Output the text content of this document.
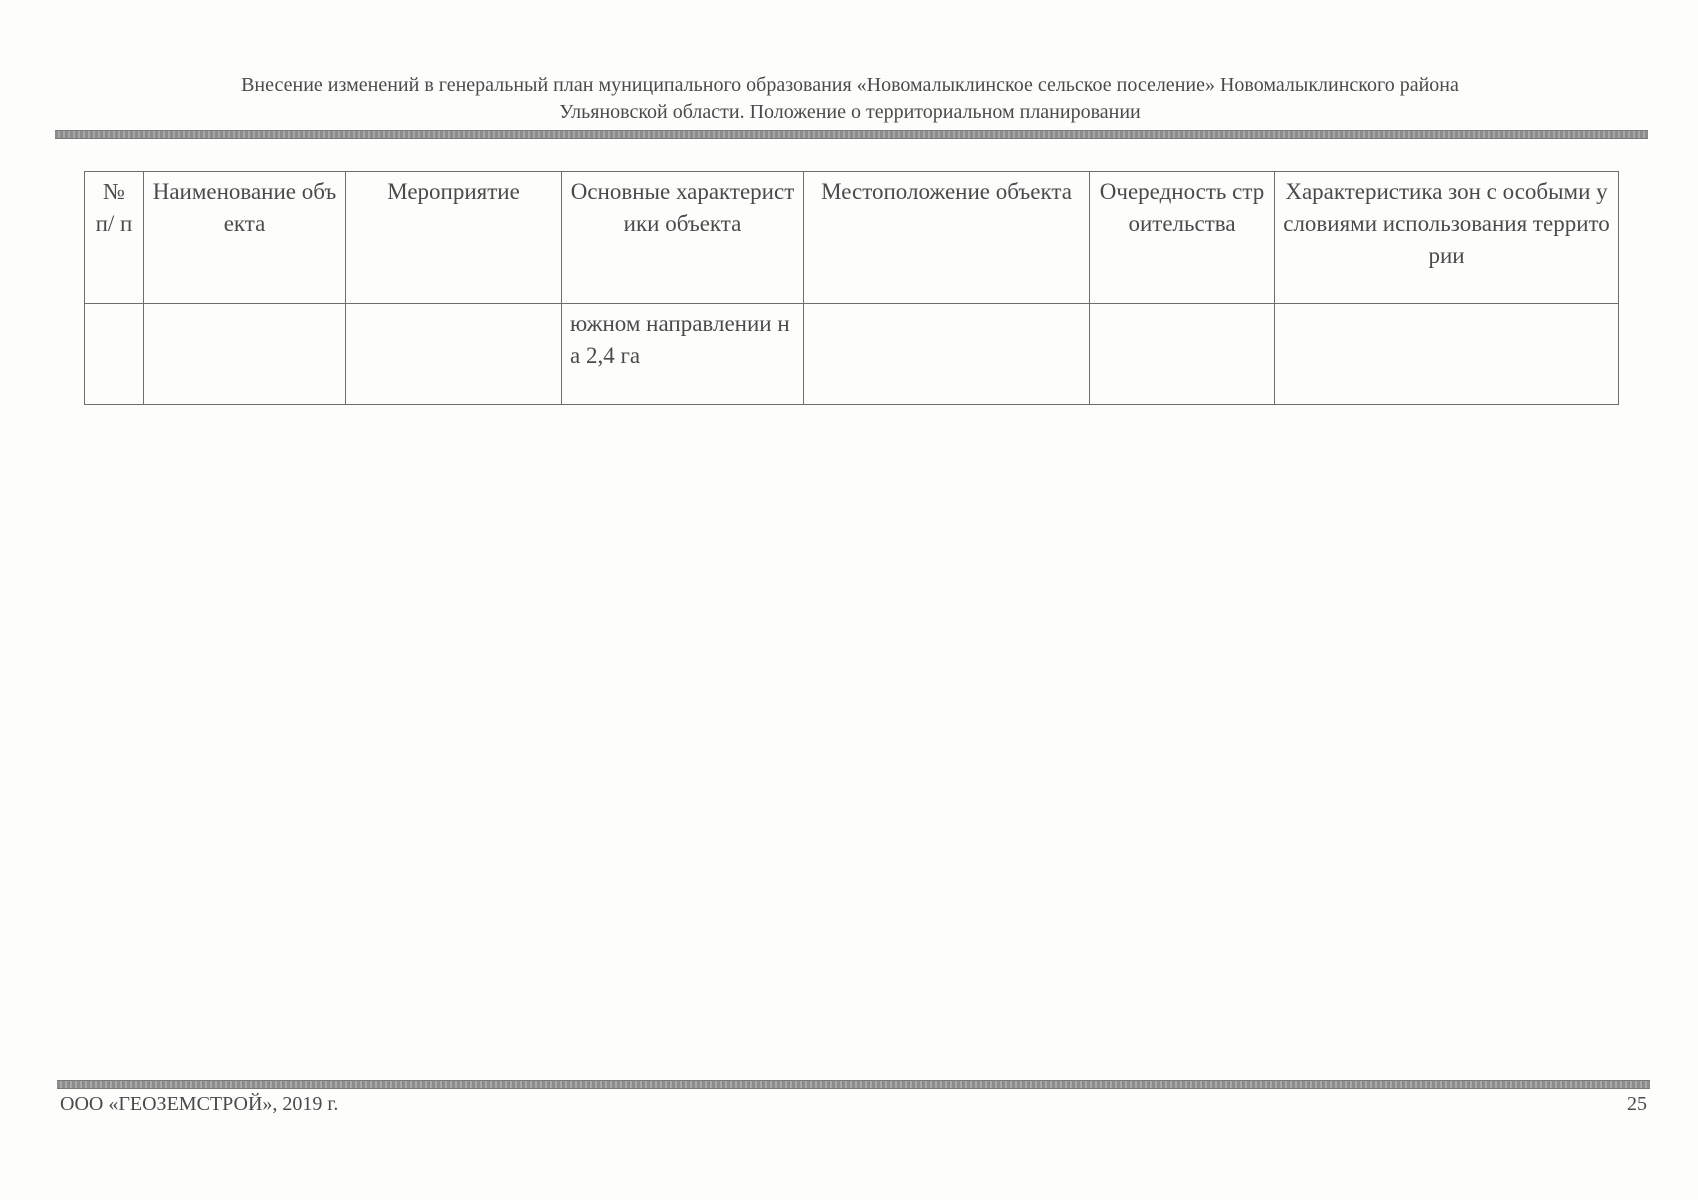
Внесение изменений в генеральный план муниципального образования «Новомалыклинское сельское поселение» Новомалыклинского района
Ульяновской области. Положение о территориальном планировании
№ п/ п	Наименование объекта	Мероприятие	Основные характеристики объекта	Местоположение объекта	Очередность строительства	Характеристика зон с особыми условиями использования территории
			южном направлении на 2,4 га			
ООО «ГЕОЗЕМСТРОЙ», 2019 г.	25
